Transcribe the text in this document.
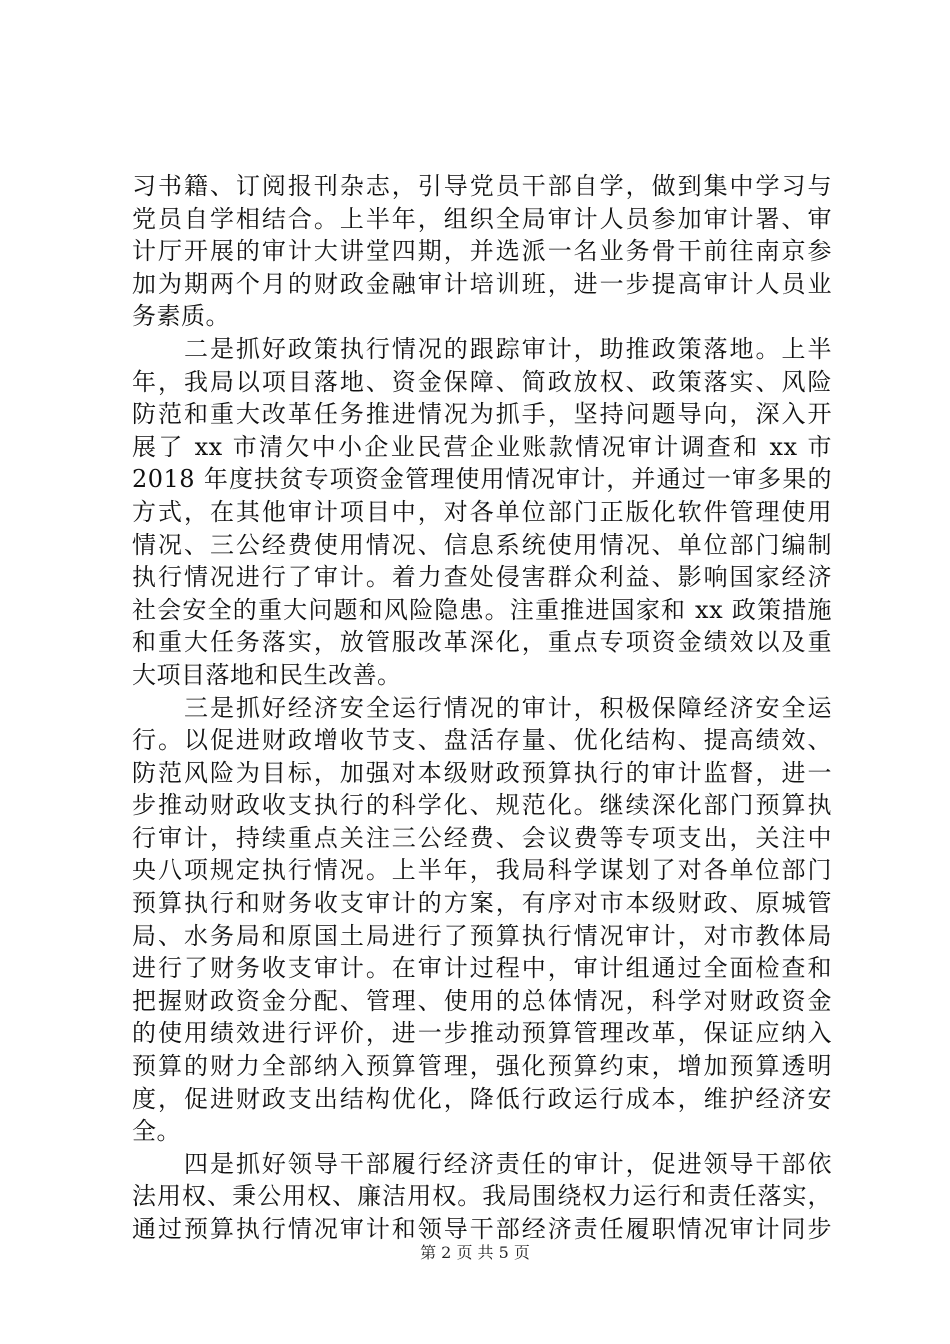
习书籍、订阅报刊杂志，引导党员干部自学，做到集中学习与
党员自学相结合。上半年，组织全局审计人员参加审计署、审
计厅开展的审计大讲堂四期，并选派一名业务骨干前往南京参
加为期两个月的财政金融审计培训班，进一步提高审计人员业
务素质。
二是抓好政策执行情况的跟踪审计，助推政策落地。上半
年，我局以项目落地、资金保障、简政放权、政策落实、风险
防范和重大改革任务推进情况为抓手，坚持问题导向，深入开
展了 xx 市清欠中小企业民营企业账款情况审计调查和 xx 市
2018 年度扶贫专项资金管理使用情况审计，并通过一审多果的
方式，在其他审计项目中，对各单位部门正版化软件管理使用
情况、三公经费使用情况、信息系统使用情况、单位部门编制
执行情况进行了审计。着力查处侵害群众利益、影响国家经济
社会安全的重大问题和风险隐患。注重推进国家和 xx 政策措施
和重大任务落实，放管服改革深化，重点专项资金绩效以及重
大项目落地和民生改善。
三是抓好经济安全运行情况的审计，积极保障经济安全运
行。以促进财政增收节支、盘活存量、优化结构、提高绩效、
防范风险为目标，加强对本级财政预算执行的审计监督，进一
步推动财政收支执行的科学化、规范化。继续深化部门预算执
行审计，持续重点关注三公经费、会议费等专项支出，关注中
央八项规定执行情况。上半年，我局科学谋划了对各单位部门
预算执行和财务收支审计的方案，有序对市本级财政、原城管
局、水务局和原国土局进行了预算执行情况审计，对市教体局
进行了财务收支审计。在审计过程中，审计组通过全面检查和
把握财政资金分配、管理、使用的总体情况，科学对财政资金
的使用绩效进行评价，进一步推动预算管理改革，保证应纳入
预算的财力全部纳入预算管理，强化预算约束，增加预算透明
度，促进财政支出结构优化，降低行政运行成本，维护经济安
全。
四是抓好领导干部履行经济责任的审计，促进领导干部依
法用权、秉公用权、廉洁用权。我局围绕权力运行和责任落实，
通过预算执行情况审计和领导干部经济责任履职情况审计同步
第 2 页 共 5 页
